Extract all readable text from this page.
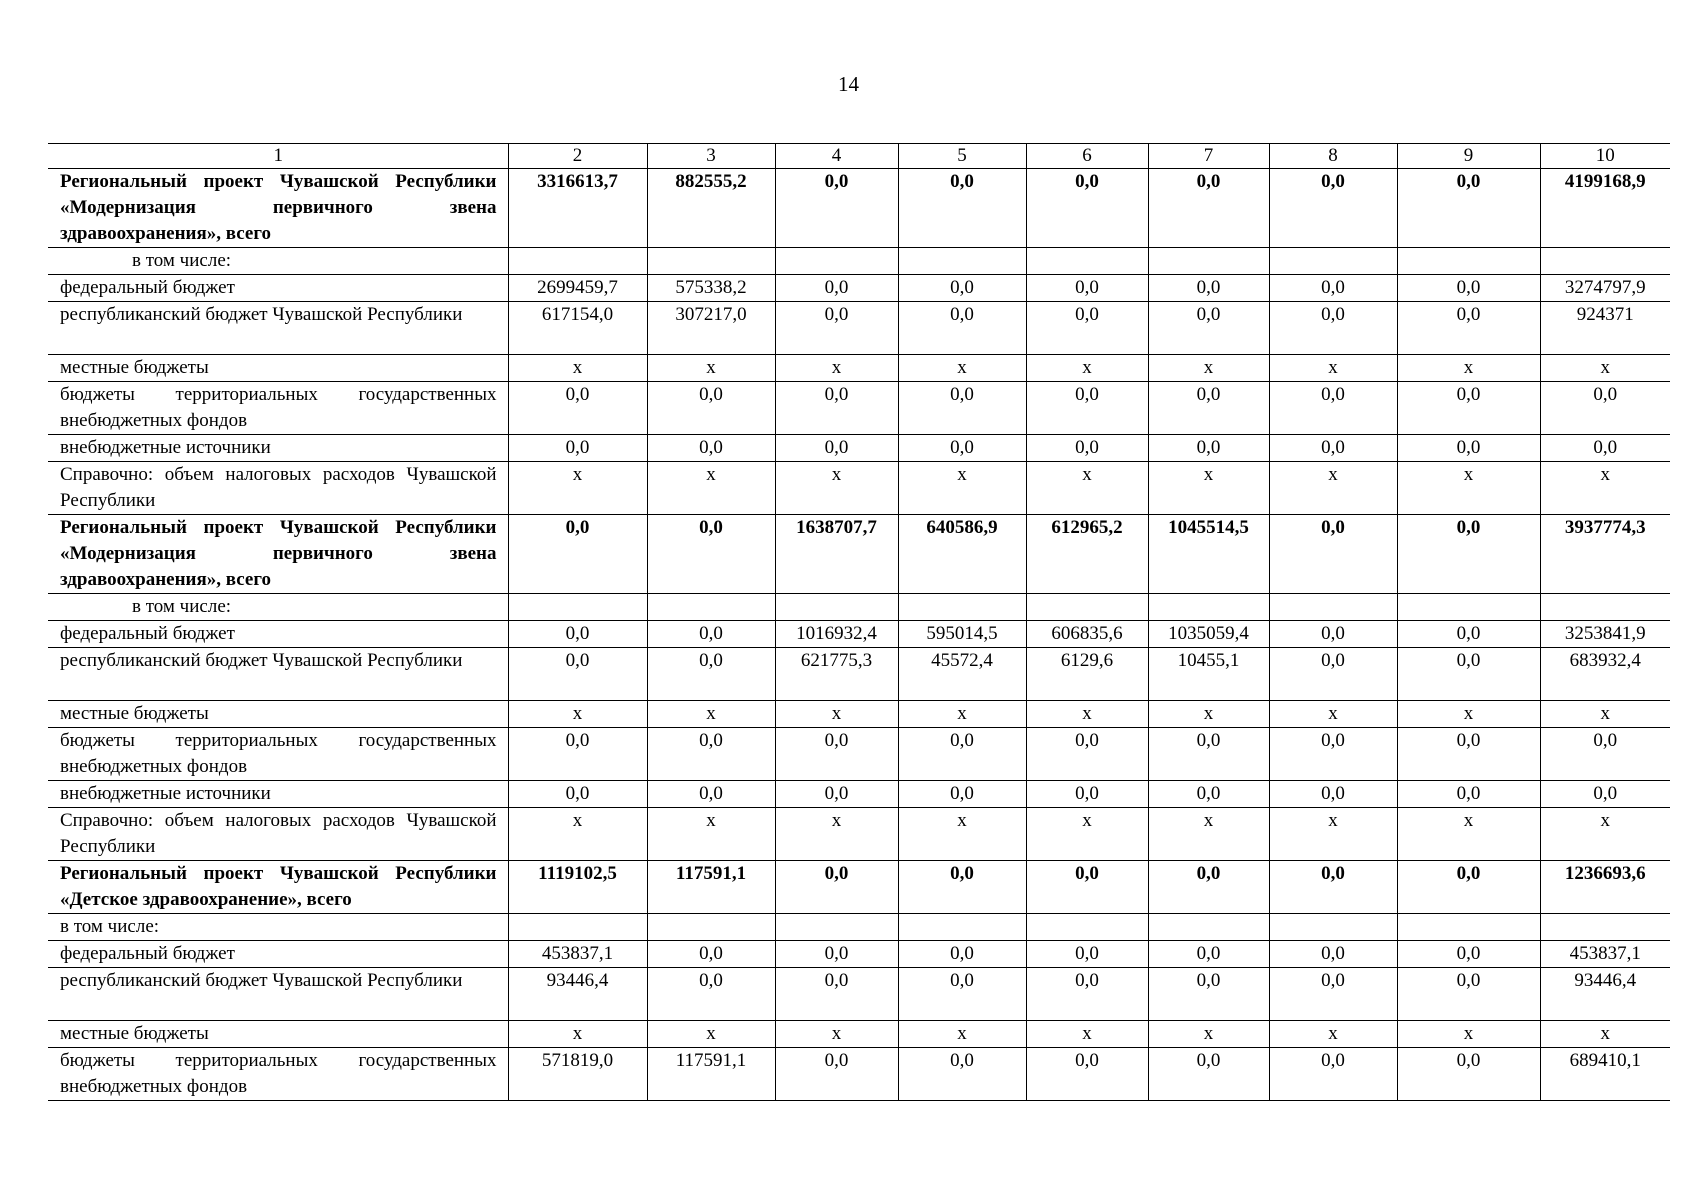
14
1	2	3	4	5	6	7	8	9	10
Региональный проект Чувашской Республики «Модернизация первичного звена здравоохранения», всего	3316613,7	882555,2	0,0	0,0	0,0	0,0	0,0	0,0	4199168,9

в том числе:									

федеральный бюджет	2699459,7	575338,2	0,0	0,0	0,0	0,0	0,0	0,0	3274797,9
республиканский бюджет Чувашской Республики	617154,0	307217,0	0,0	0,0	0,0	0,0	0,0	0,0	924371
местные бюджеты	х	х	х	х	х	х	х	х	х
бюджеты территориальных государственных внебюджетных фондов	0,0	0,0	0,0	0,0	0,0	0,0	0,0	0,0	0,0
внебюджетные источники	0,0	0,0	0,0	0,0	0,0	0,0	0,0	0,0	0,0
Справочно: объем налоговых расходов Чувашской Республики	х	х	х	х	х	х	х	х	х
Региональный проект Чувашской Республики «Модернизация первичного звена здравоохранения», всего	0,0	0,0	1638707,7	640586,9	612965,2	1045514,5	0,0	0,0	3937774,3

в том числе:									

федеральный бюджет	0,0	0,0	1016932,4	595014,5	606835,6	1035059,4	0,0	0,0	3253841,9
республиканский бюджет Чувашской Республики	0,0	0,0	621775,3	45572,4	6129,6	10455,1	0,0	0,0	683932,4
местные бюджеты	х	х	х	х	х	х	х	х	х
бюджеты территориальных государственных внебюджетных фондов	0,0	0,0	0,0	0,0	0,0	0,0	0,0	0,0	0,0
внебюджетные источники	0,0	0,0	0,0	0,0	0,0	0,0	0,0	0,0	0,0
Справочно: объем налоговых расходов Чувашской Республики	х	х	х	х	х	х	х	х	х
Региональный проект Чувашской Республики «Детское здравоохранение», всего	1119102,5	117591,1	0,0	0,0	0,0	0,0	0,0	0,0	1236693,6

в том числе:									

федеральный бюджет	453837,1	0,0	0,0	0,0	0,0	0,0	0,0	0,0	453837,1
республиканский бюджет Чувашской Республики	93446,4	0,0	0,0	0,0	0,0	0,0	0,0	0,0	93446,4
местные бюджеты	х	х	х	х	х	х	х	х	х
бюджеты территориальных государственных внебюджетных фондов	571819,0	117591,1	0,0	0,0	0,0	0,0	0,0	0,0	689410,1
